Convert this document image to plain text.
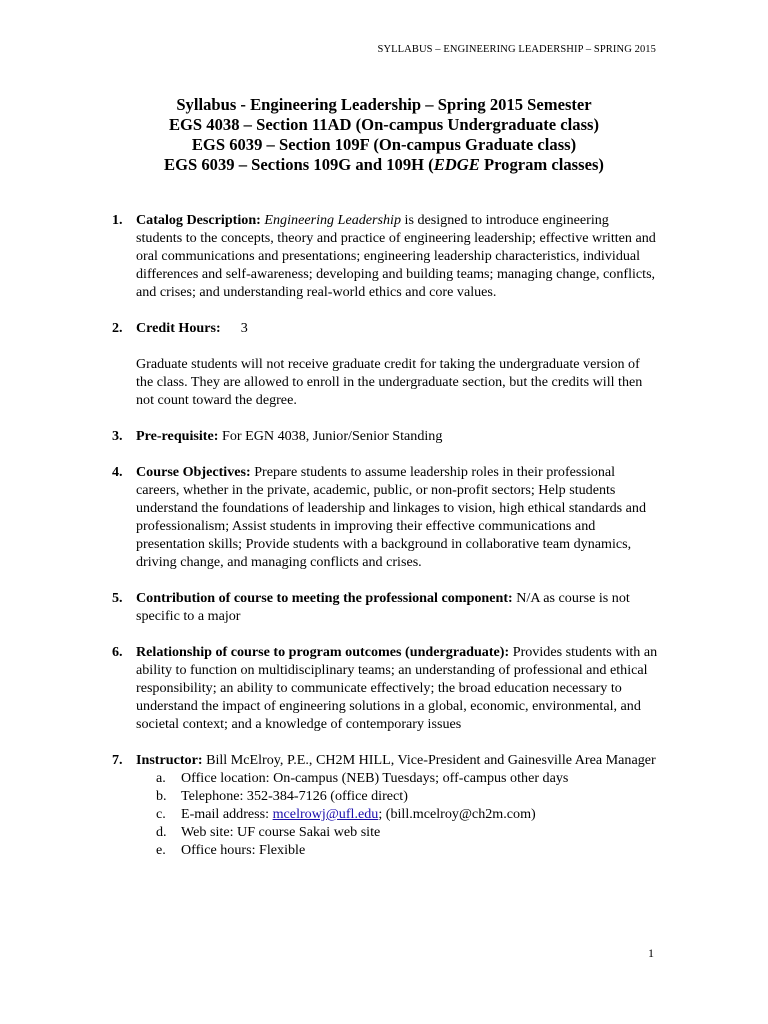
SYLLABUS – ENGINEERING LEADERSHIP – SPRING 2015
Syllabus - Engineering Leadership – Spring 2015 Semester
EGS 4038 – Section 11AD (On-campus Undergraduate class)
EGS 6039 – Section 109F (On-campus Graduate class)
EGS 6039 – Sections 109G and 109H (EDGE Program classes)
1. Catalog Description: Engineering Leadership is designed to introduce engineering students to the concepts, theory and practice of engineering leadership; effective written and oral communications and presentations; engineering leadership characteristics, individual differences and self-awareness; developing and building teams; managing change, conflicts, and crises; and understanding real-world ethics and core values.

2. Credit Hours: 3

Graduate students will not receive graduate credit for taking the undergraduate version of the class. They are allowed to enroll in the undergraduate section, but the credits will then not count toward the degree.

3. Pre-requisite: For EGN 4038, Junior/Senior Standing

4. Course Objectives: Prepare students to assume leadership roles in their professional careers, whether in the private, academic, public, or non-profit sectors; Help students understand the foundations of leadership and linkages to vision, high ethical standards and professionalism; Assist students in improving their effective communications and presentation skills; Provide students with a background in collaborative team dynamics, driving change, and managing conflicts and crises.

5. Contribution of course to meeting the professional component: N/A as course is not specific to a major

6. Relationship of course to program outcomes (undergraduate): Provides students with an ability to function on multidisciplinary teams; an understanding of professional and ethical responsibility; an ability to communicate effectively; the broad education necessary to understand the impact of engineering solutions in a global, economic, environmental, and societal context; and a knowledge of contemporary issues

7. Instructor: Bill McElroy, P.E., CH2M HILL, Vice-President and Gainesville Area Manager

a. Office location: On-campus (NEB) Tuesdays; off-campus other days
b. Telephone: 352-384-7126 (office direct)
c. E-mail address: mcelrowj@ufl.edu; (bill.mcelroy@ch2m.com)
d. Web site: UF course Sakai web site
e. Office hours: Flexible
1
